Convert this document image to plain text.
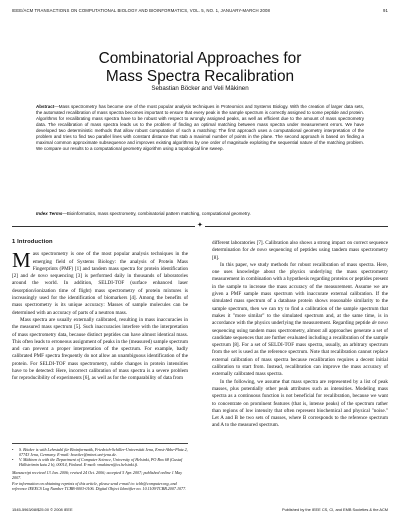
IEEE/ACM TRANSACTIONS ON COMPUTATIONAL BIOLOGY AND BIOINFORMATICS, VOL. 5, NO. 1, JANUARY-MARCH 2008	91
Combinatorial Approaches for
Mass Spectra Recalibration
Sebastian Böcker and Veli Mäkinen

Abstract—Mass spectrometry has become one of the most popular analysis techniques in Proteomics and Systems Biology. With the creation of larger data sets, the automated recalibration of mass spectra becomes important to ensure that every peak in the sample spectrum is correctly assigned to some peptide and protein. Algorithms for recalibrating mass spectra have to be robust with respect to wrongly assigned peaks, as well as efficient due to the amount of mass spectrometry data. The recalibration of mass spectra leads us to the problem of finding an optimal matching between mass spectra under measurement errors. We have developed two deterministic methods that allow robust computation of such a matching: The first approach uses a computational geometry interpretation of the problem and tries to find two parallel lines with constant distance that stab a maximal number of points in the plane. The second approach is based on finding a maximal common approximate subsequence and improves existing algorithms by one order of magnitude exploiting the sequential nature of the matching problem. We compare our results to a computational geometry algorithm using a topological line sweep.

Index Terms—Bioinformatics, mass spectrometry, combinatorial pattern matching, computational geometry.

✦
1 Introduction

Mass spectrometry is one of the most popular analysis techniques in the emerging field of Systems Biology: the analysis of Protein Mass Fingerprints (PMF) [1] and tandem mass spectra for protein identification [2] and de novo sequencing [3] is performed daily in thousands of laboratories around the world. In addition, SELDI-TOF (surface enhanced laser desorption/ionization time of flight) mass spectrometry of protein mixtures is increasingly used for the identification of biomarkers [4]. Among the benefits of mass spectrometry is its unique accuracy: Masses of sample molecules can be determined with an accuracy of parts of a neutron mass.

Mass spectra are usually externally calibrated, resulting in mass inaccuracies in the measured mass spectrum [5]. Such inaccuracies interfere with the interpretation of mass spectrometry data, because distinct peptides can have almost identical mass. This often leads to erroneous assignment of peaks in the (measured) sample spectrum and can prevent a proper interpretation of the spectrum. For example, badly calibrated PMF spectra frequently do not allow an unambiguous identification of the protein. For SELDI-TOF mass spectrometry, subtle changes in protein intensities have to be detected: Here, incorrect calibration of mass spectra is a severe problem for reproducibility of experiments [6], as well as for the comparability of data from

different laboratories [7]. Calibration also shows a strong impact on correct sequence determination for de novo sequencing of peptides using tandem mass spectrometry [8].

In this paper, we study methods for robust recalibration of mass spectra. Here, one uses knowledge about the physics underlying the mass spectrometry measurement in combination with a hypothesis regarding proteins or peptides present in the sample to increase the mass accuracy of the measurement. Assume we are given a PMF sample mass spectrum with inaccurate external calibration. If the simulated mass spectrum of a database protein shows reasonable similarity to the sample spectrum, then we can try to find a calibration of the sample spectrum that makes it "more similar" to the simulated spectrum and, at the same time, is in accordance with the physics underlying the measurement. Regarding peptide de novo sequencing using tandem mass spectrometry, almost all approaches generate a set of candidate sequences that are further evaluated including a recalibration of the sample spectrum [8]. For a set of SELDI-TOF mass spectra, usually, an arbitrary spectrum from the set is used as the reference spectrum. Note that recalibration cannot replace external calibration of mass spectra because recalibration requires a decent initial calibration to start from. Instead, recalibration can improve the mass accuracy of externally calibrated mass spectra.

In the following, we assume that mass spectra are represented by a list of peak masses, plus potentially other peak attributes such as intensities. Modeling mass spectra as a continuous function is not beneficial for recalibration, because we want to concentrate on prominent features (that is, intense peaks) of the spectrum rather than regions of low intensity that often represent biochemical and physical "noise." Let A and B be two sets of masses, where B corresponds to the reference spectrum and A to the measured spectrum.

•	S. Böcker is with Lehrstuhl für Bioinformatik, Friedrich-Schiller-Universität Jena, Ernst-Abbe-Platz 2, 07743 Jena, Germany. E-mail: boecker@minet.uni-jena.de.
•	V. Mäkinen is with the Department of Computer Science, University of Helsinki, PO Box 68 (Gustaf Hällströmin katu 2 b), 00014, Finland. E-mail: vmakinen@cs.helsinki.fi.
Manuscript received 13 Jan. 2006; revised 24 Oct. 2006; accepted 5 Apr. 2007; published online 1 May 2007.
For information on obtaining reprints of this article, please send e-mail to: tcbb@computer.org, and reference IEEECS Log Number TCBB-0003-0106. Digital Object Identifier no. 10.1109/TCBB.2007.1077.
1545-5963/08/$25.00 © 2008 IEEE	Published by the IEEE CS, CI, and EMB Societies & the ACM
